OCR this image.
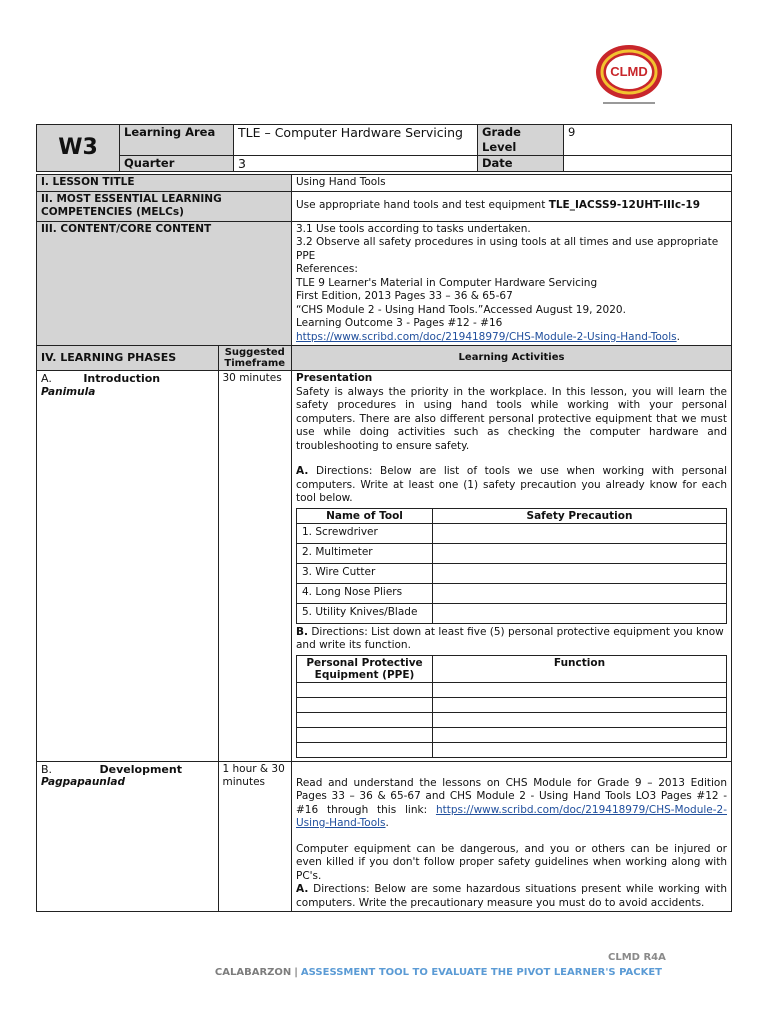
CLMD
W3	Learning Area	TLE – Computer Hardware Servicing	Grade Level	9
	Quarter	3	Date	
I. LESSON TITLE	Using Hand Tools
II. MOST ESSENTIAL LEARNING COMPETENCIES (MELCs)	Use appropriate hand tools and test equipment TLE_IACSS9-12UHT-IIIc-19
III. CONTENT/CORE CONTENT	3.1 Use tools according to tasks undertaken.
3.2 Observe all safety procedures in using tools at all times and use appropriate PPE
References:
TLE 9 Learner's Material in Computer Hardware Servicing
First Edition, 2013 Pages 33 – 36 & 65-67
“CHS Module 2 - Using Hand Tools.”Accessed August 19, 2020.
Learning Outcome 3 - Pages #12 - #16
https://www.scribd.com/doc/219418979/CHS-Module-2-Using-Hand-Tools.

IV. LEARNING PHASES	Suggested Timeframe	Learning Activities

A.	Introduction
Panimula
	30 minutes	Presentation
Safety is always the priority in the workplace. In this lesson, you will learn the safety procedures in using hand tools while working with your personal computers. There are also different personal protective equipment that we must use while doing activities such as checking the computer hardware and troubleshooting to ensure safety.
A. Directions: Below are list of tools we use when working with personal computers. Write at least one (1) safety precaution you already know for each tool below.
Name of Tool	Safety Precaution
1. Screwdriver	
2. Multimeter	
3. Wire Cutter	
4. Long Nose Pliers	
5. Utility Knives/Blade	
B. Directions: List down at least five (5) personal protective equipment you know and write its function.
Personal Protective Equipment (PPE)	Function

B.	Development
Pagpapaunlad
	1 hour & 30 minutes	Read and understand the lessons on CHS Module for Grade 9 – 2013 Edition Pages 33 – 36 & 65-67 and CHS Module 2 - Using Hand Tools LO3 Pages #12 - #16 through this link: https://www.scribd.com/doc/219418979/CHS-Module-2-Using-Hand-Tools.
Computer equipment can be dangerous, and you or others can be injured or even killed if you don't follow proper safety guidelines when working along with PC's.
A. Directions: Below are some hazardous situations present while working with computers. Write the precautionary measure you must do to avoid accidents.
CLMD R4A
CALABARZON | ASSESSMENT TOOL TO EVALUATE THE PIVOT LEARNER'S PACKET
